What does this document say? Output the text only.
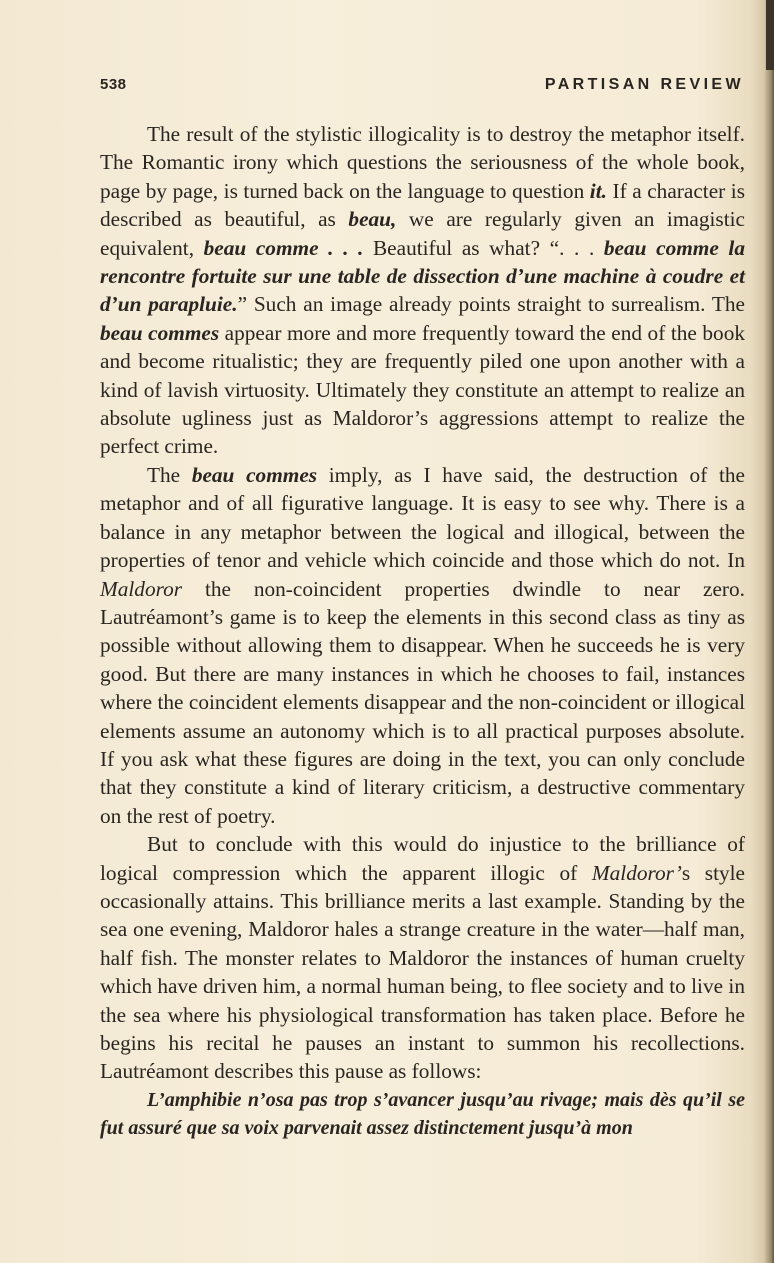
538	PARTISAN REVIEW

The result of the stylistic illogicality is to destroy the metaphor itself. The Romantic irony which questions the seriousness of the whole book, page by page, is turned back on the language to question it. If a character is described as beautiful, as beau, we are regularly given an imagistic equivalent, beau comme . . . Beautiful as what? “. . . beau comme la rencontre fortuite sur une table de dissection d’une machine à coudre et d’un parapluie.” Such an image already points straight to surrealism. The beau commes appear more and more frequently toward the end of the book and become ritualistic; they are frequently piled one upon another with a kind of lavish virtuosity. Ultimately they constitute an attempt to realize an absolute ugliness just as Maldoror’s aggressions attempt to realize the perfect crime.

The beau commes imply, as I have said, the destruction of the metaphor and of all figurative language. It is easy to see why. There is a balance in any metaphor between the logical and illogical, between the properties of tenor and vehicle which coincide and those which do not. In Maldoror the non-coincident properties dwindle to near zero. Lautréamont’s game is to keep the elements in this second class as tiny as possible without allowing them to disappear. When he succeeds he is very good. But there are many instances in which he chooses to fail, instances where the coincident elements disappear and the non-coincident or illogical elements assume an autonomy which is to all practical purposes absolute. If you ask what these figures are doing in the text, you can only conclude that they constitute a kind of literary criticism, a destructive commentary on the rest of poetry.

But to conclude with this would do injustice to the brilliance of logical compression which the apparent illogic of Maldoror’s style occasionally attains. This brilliance merits a last example. Standing by the sea one evening, Maldoror hales a strange creature in the water—half man, half fish. The monster relates to Maldoror the instances of human cruelty which have driven him, a normal human being, to flee society and to live in the sea where his physiological transformation has taken place. Before he begins his recital he pauses an instant to summon his recollections. Lautréamont describes this pause as follows:

L’amphibie n’osa pas trop s’avancer jusqu’au rivage; mais dès qu’il se fut assuré que sa voix parvenait assez distinctement jusqu’à mon
